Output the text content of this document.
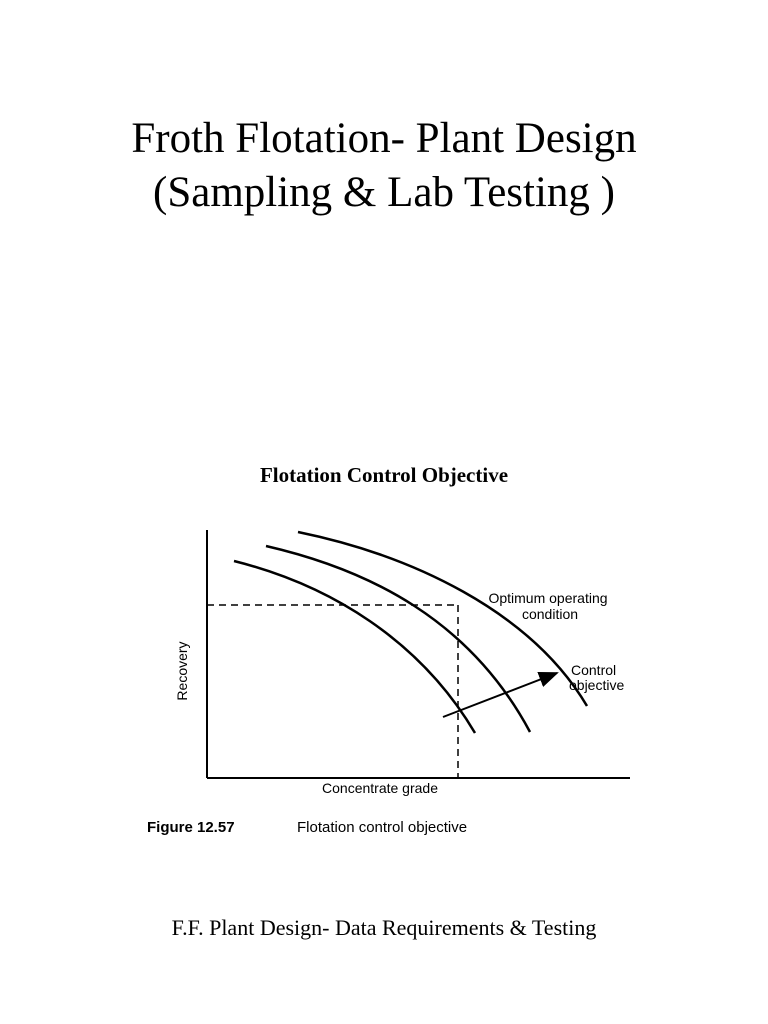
Froth Flotation- Plant Design
(Sampling & Lab Testing )
Flotation Control Objective
Recovery
Concentrate grade
Optimum operating
condition
Control
objective
Figure 12.57	Flotation control objective
F.F. Plant Design- Data Requirements & Testing
